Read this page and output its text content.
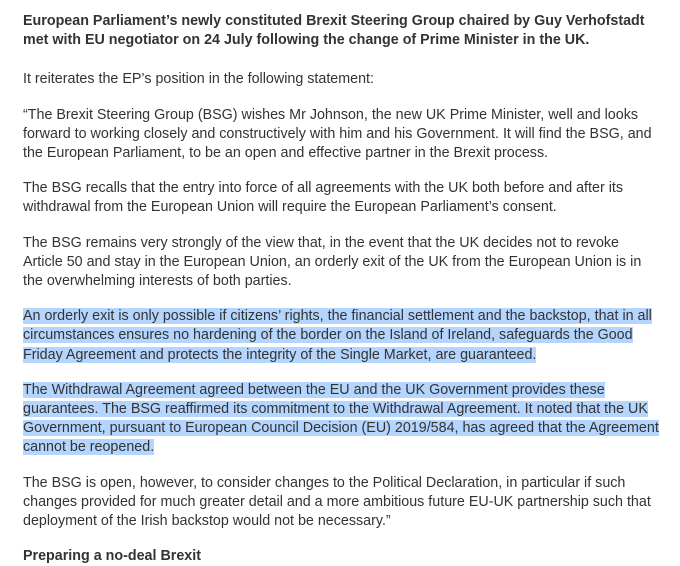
European Parliament’s newly constituted Brexit Steering Group chaired by Guy Verhofstadt met with EU negotiator on 24 July following the change of Prime Minister in the UK.

It reiterates the EP’s position in the following statement:

“The Brexit Steering Group (BSG) wishes Mr Johnson, the new UK Prime Minister, well and looks forward to working closely and constructively with him and his Government. It will find the BSG, and the European Parliament, to be an open and effective partner in the Brexit process.

The BSG recalls that the entry into force of all agreements with the UK both before and after its withdrawal from the European Union will require the European Parliament’s consent.

The BSG remains very strongly of the view that, in the event that the UK decides not to revoke Article 50 and stay in the European Union, an orderly exit of the UK from the European Union is in the overwhelming interests of both parties.

An orderly exit is only possible if citizens’ rights, the financial settlement and the backstop, that in all circumstances ensures no hardening of the border on the Island of Ireland, safeguards the Good Friday Agreement and protects the integrity of the Single Market, are guaranteed.

The Withdrawal Agreement agreed between the EU and the UK Government provides these guarantees. The BSG reaffirmed its commitment to the Withdrawal Agreement. It noted that the UK Government, pursuant to European Council Decision (EU) 2019/584, has agreed that the Agreement cannot be reopened.

The BSG is open, however, to consider changes to the Political Declaration, in particular if such changes provided for much greater detail and a more ambitious future EU-UK partnership such that deployment of the Irish backstop would not be necessary.”

Preparing a no-deal Brexit
